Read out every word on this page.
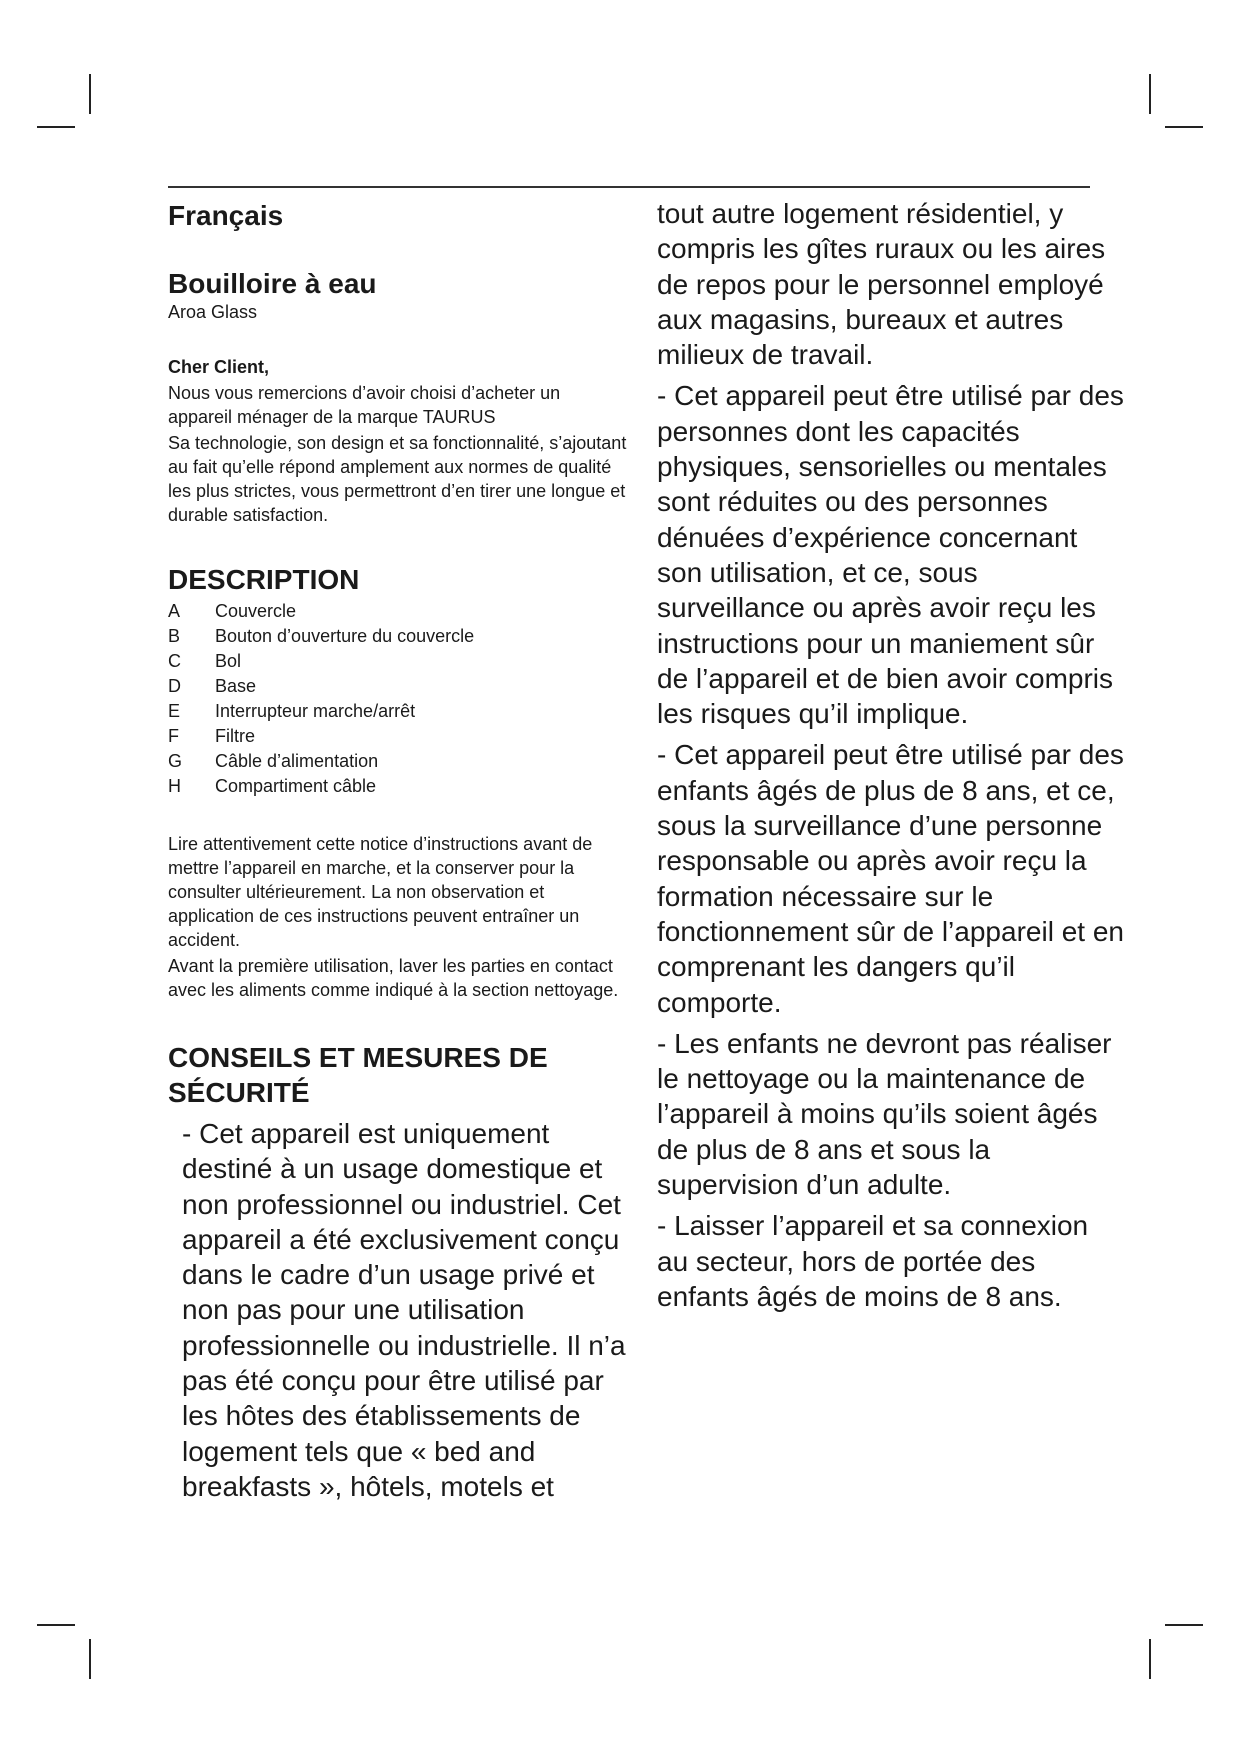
Français
Bouilloire à eau

Aroa Glass

Cher Client,

Nous vous remercions d’avoir choisi d’acheter un appareil ménager de la marque TAURUS

Sa technologie, son design et sa fonctionnalité, s’ajoutant au fait qu’elle répond amplement aux normes de qualité les plus strictes, vous permettront d’en tirer une longue et durable satisfaction.

DESCRIPTION
A	Couvercle
B	Bouton d’ouverture du couvercle
C	Bol
D	Base
E	Interrupteur marche/arrêt
F	Filtre
G	Câble d’alimentation
H	Compartiment câble

Lire attentivement cette notice d’instructions avant de mettre l’appareil en marche, et la conserver pour la consulter ultérieurement. La non observation et application de ces instructions peuvent entraîner un accident.

Avant la première utilisation, laver les parties en contact avec les aliments comme indiqué à la section nettoyage.

CONSEILS ET MESURES DE SÉCURITÉ

- Cet appareil est uniquement destiné à un usage domestique et non professionnel ou industriel. Cet appareil a été exclusivement conçu dans le cadre d’un usage privé et non pas pour une utilisation professionnelle ou industrielle. Il n’a pas été conçu pour être utilisé par les hôtes des établissements de logement tels que « bed and breakfasts », hôtels, motels et

tout autre logement résidentiel, y compris les gîtes ruraux ou les aires de repos pour le personnel employé aux magasins, bureaux et autres milieux de travail.

- Cet appareil peut être utilisé par des personnes dont les capacités physiques, sensorielles ou mentales sont réduites ou des personnes dénuées d’expérience concernant son utilisation, et ce, sous surveillance ou après avoir reçu les instructions pour un maniement sûr de l’appareil et de bien avoir compris les risques qu’il implique.

- Cet appareil peut être utilisé par des enfants âgés de plus de 8 ans, et ce, sous la surveillance d’une personne responsable ou après avoir reçu la formation nécessaire sur le fonctionnement sûr de l’appareil et en comprenant les dangers qu’il comporte.

- Les enfants ne devront pas réaliser le nettoyage ou la maintenance de l’appareil à moins qu’ils soient âgés de plus de 8 ans et sous la supervision d’un adulte.

- Laisser l’appareil et sa connexion au secteur, hors de portée des enfants âgés de moins de 8 ans.
